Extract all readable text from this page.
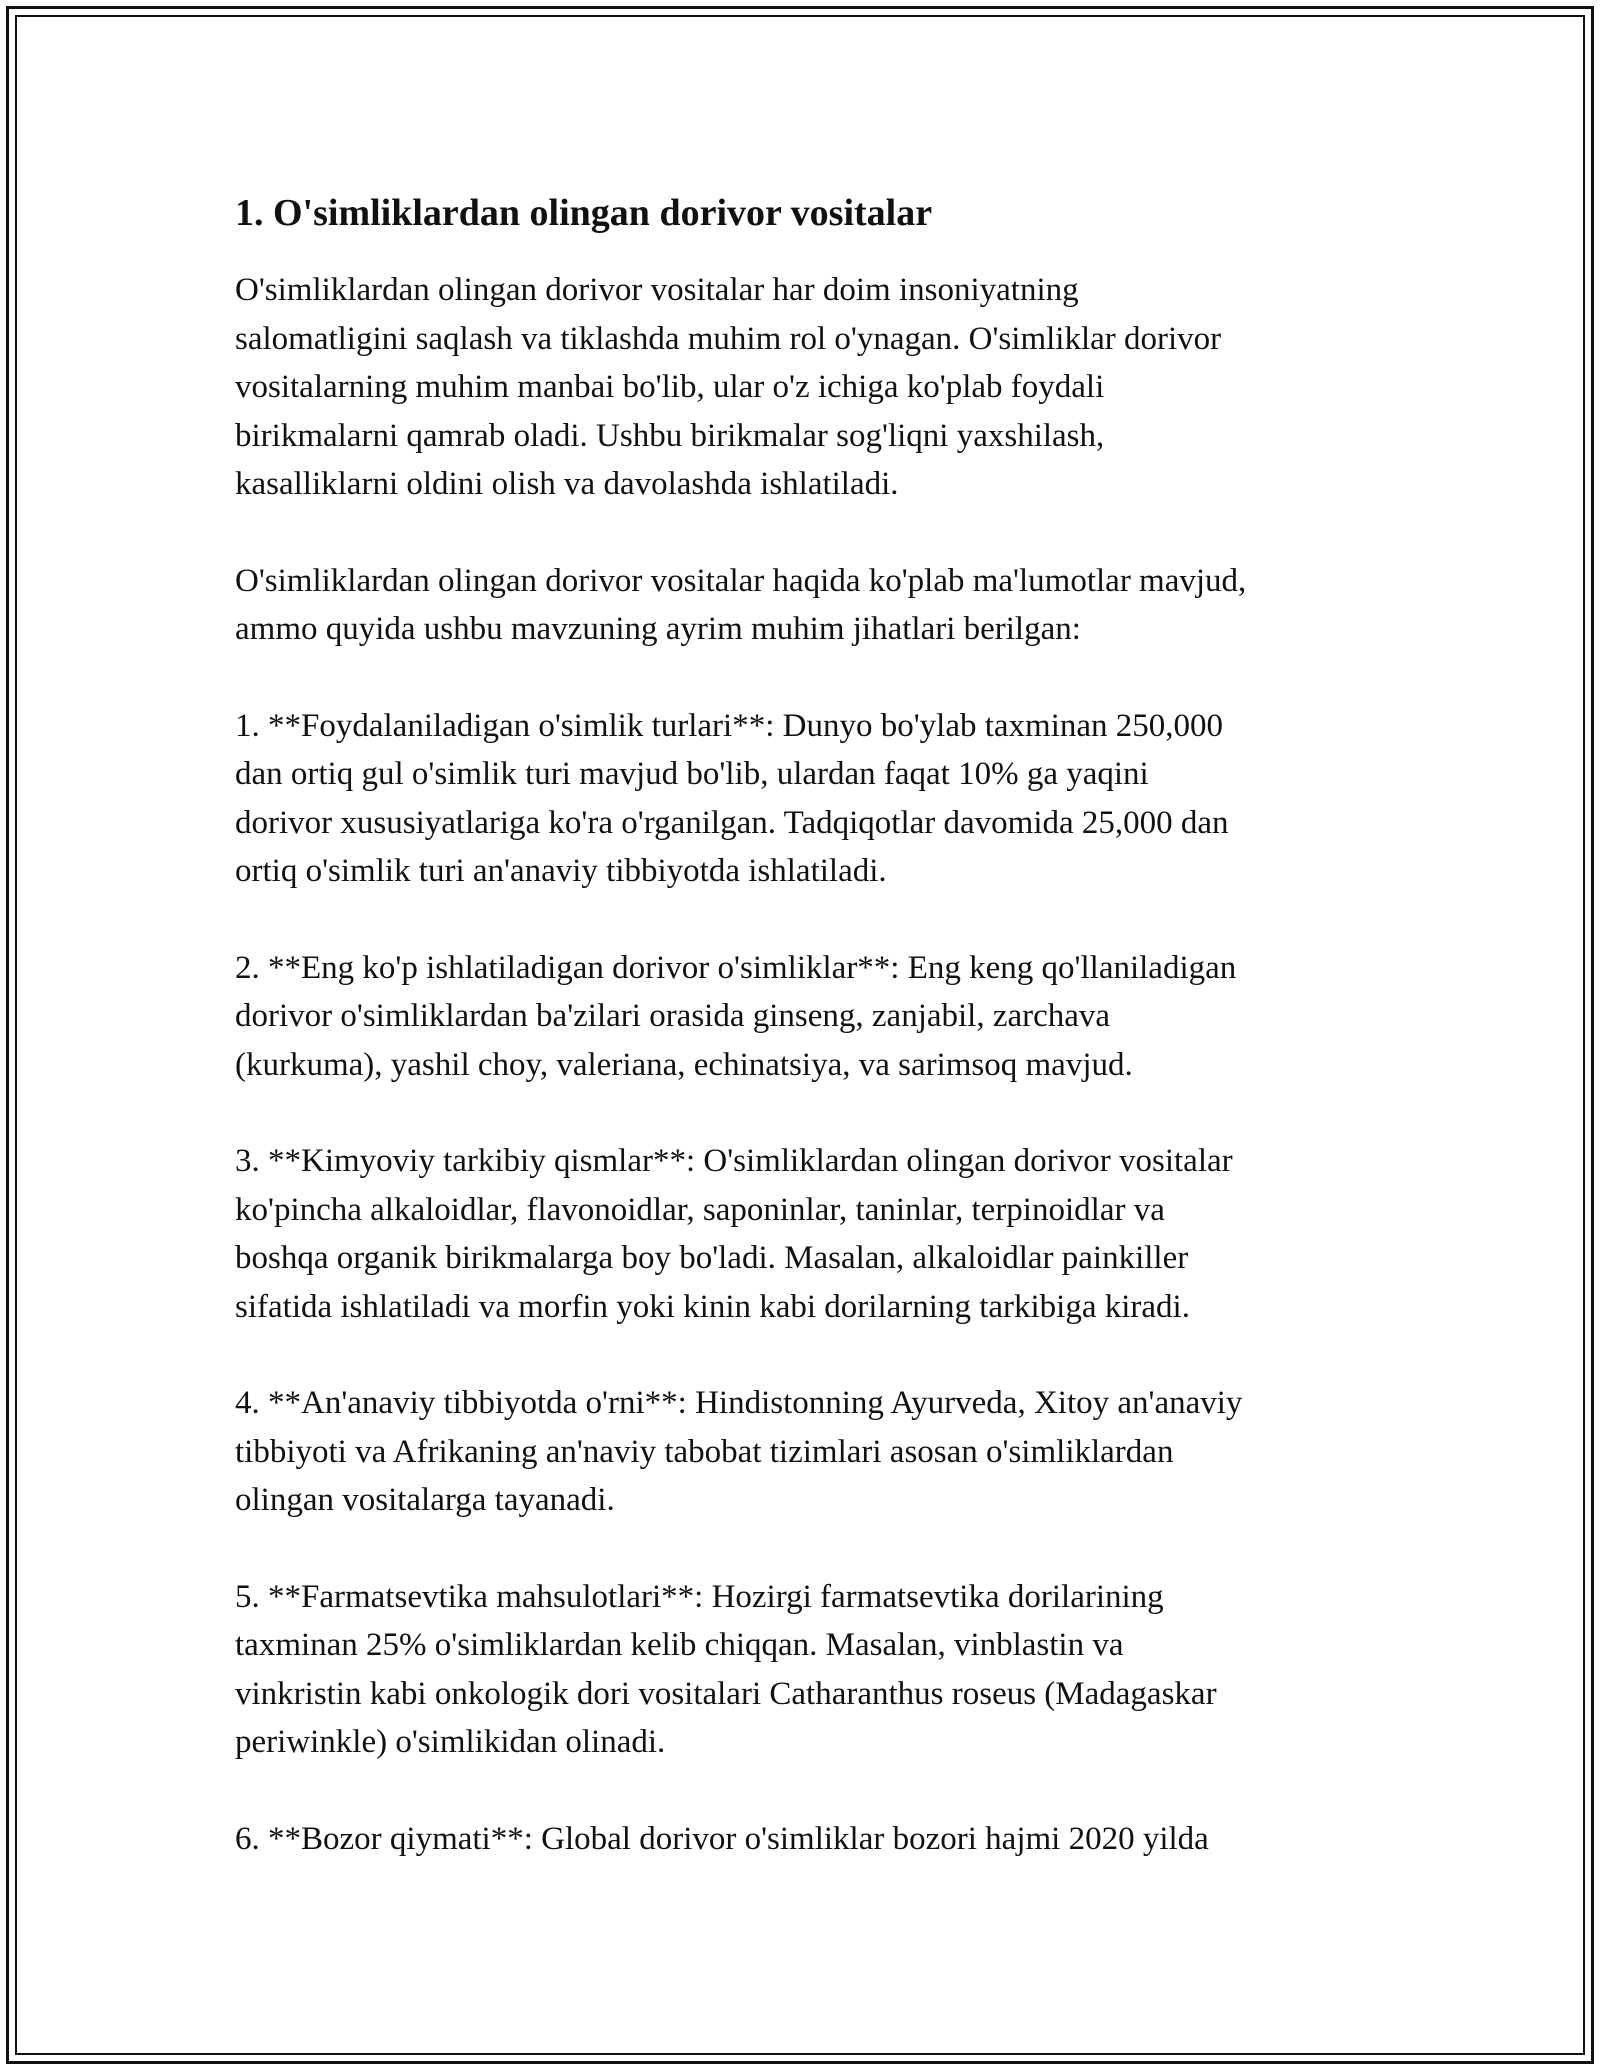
1. O'simliklardan olingan dorivor vositalar

O'simliklardan olingan dorivor vositalar har doim insoniyatning
salomatligini saqlash va tiklashda muhim rol o'ynagan. O'simliklar dorivor
vositalarning muhim manbai bo'lib, ular o'z ichiga ko'plab foydali
birikmalarni qamrab oladi. Ushbu birikmalar sog'liqni yaxshilash,
kasalliklarni oldini olish va davolashda ishlatiladi.

O'simliklardan olingan dorivor vositalar haqida ko'plab ma'lumotlar mavjud,
ammo quyida ushbu mavzuning ayrim muhim jihatlari berilgan:

1. **Foydalaniladigan o'simlik turlari**: Dunyo bo'ylab taxminan 250,000
dan ortiq gul o'simlik turi mavjud bo'lib, ulardan faqat 10% ga yaqini
dorivor xususiyatlariga ko'ra o'rganilgan. Tadqiqotlar davomida 25,000 dan
ortiq o'simlik turi an'anaviy tibbiyotda ishlatiladi.

2. **Eng ko'p ishlatiladigan dorivor o'simliklar**: Eng keng qo'llaniladigan
dorivor o'simliklardan ba'zilari orasida ginseng, zanjabil, zarchava
(kurkuma), yashil choy, valeriana, echinatsiya, va sarimsoq mavjud.

3. **Kimyoviy tarkibiy qismlar**: O'simliklardan olingan dorivor vositalar
ko'pincha alkaloidlar, flavonoidlar, saponinlar, taninlar, terpinoidlar va
boshqa organik birikmalarga boy bo'ladi. Masalan, alkaloidlar painkiller
sifatida ishlatiladi va morfin yoki kinin kabi dorilarning tarkibiga kiradi.

4. **An'anaviy tibbiyotda o'rni**: Hindistonning Ayurveda, Xitoy an'anaviy
tibbiyoti va Afrikaning an'naviy tabobat tizimlari asosan o'simliklardan
olingan vositalarga tayanadi.

5. **Farmatsevtika mahsulotlari**: Hozirgi farmatsevtika dorilarining
taxminan 25% o'simliklardan kelib chiqqan. Masalan, vinblastin va
vinkristin kabi onkologik dori vositalari Catharanthus roseus (Madagaskar
periwinkle) o'simlikidan olinadi.

6. **Bozor qiymati**: Global dorivor o'simliklar bozori hajmi 2020 yilda
